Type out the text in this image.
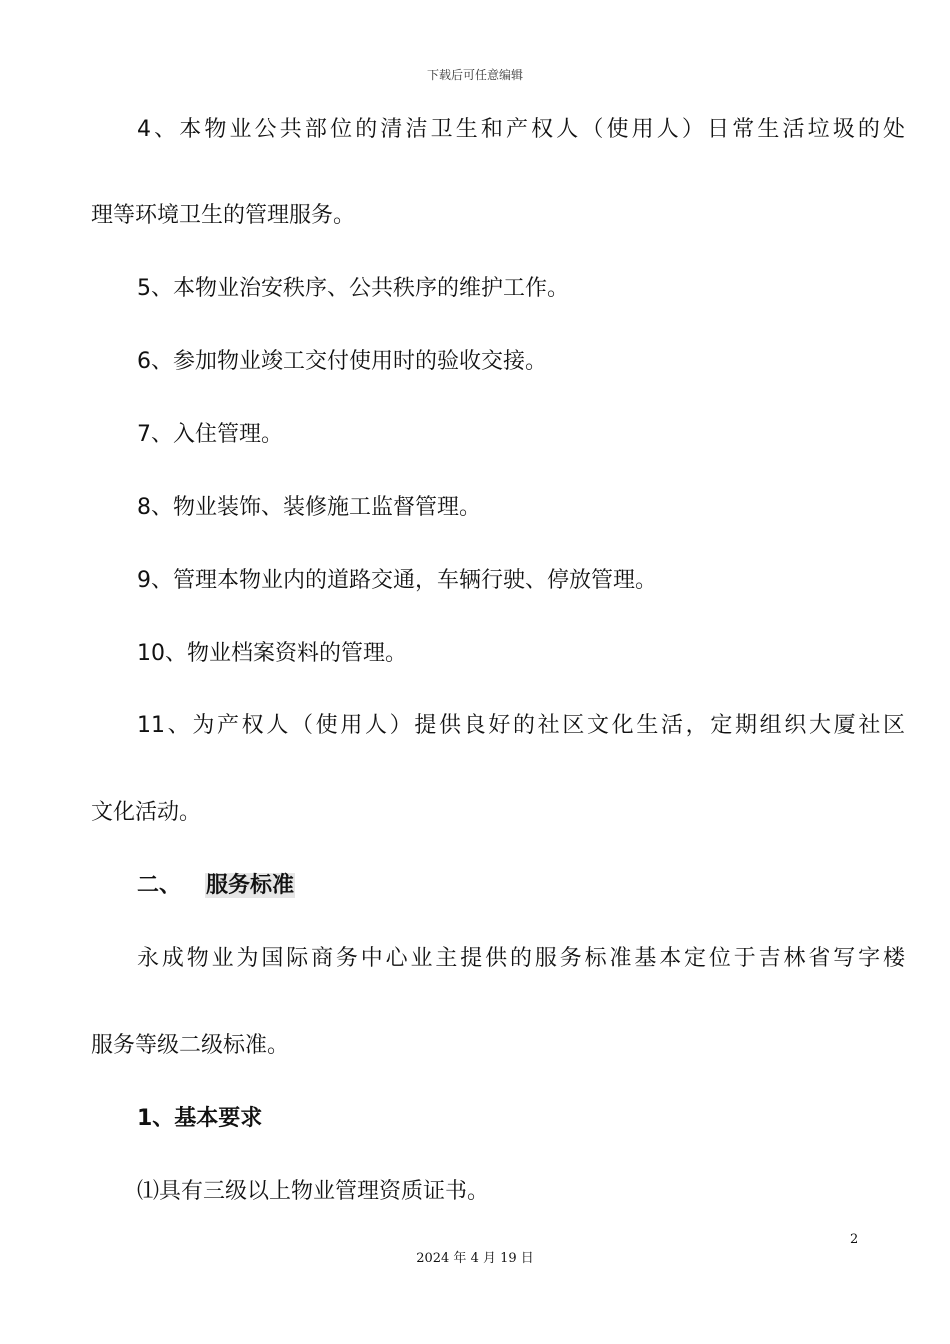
下载后可任意编辑
4、本物业公共部位的清洁卫生和产权人（使用人）日常生活垃圾的处
理等环境卫生的管理服务。
5、本物业治安秩序、公共秩序的维护工作。
6、参加物业竣工交付使用时的验收交接。
7、入住管理。
8、物业装饰、装修施工监督管理。
9、管理本物业内的道路交通，车辆行驶、停放管理。
10、物业档案资料的管理。
11、为产权人（使用人）提供良好的社区文化生活，定期组织大厦社区
文化活动。
二、 服务标准
永成物业为国际商务中心业主提供的服务标准基本定位于吉林省写字楼
服务等级二级标准。
1、基本要求
⑴具有三级以上物业管理资质证书。
2
2024 年 4 月 19 日
